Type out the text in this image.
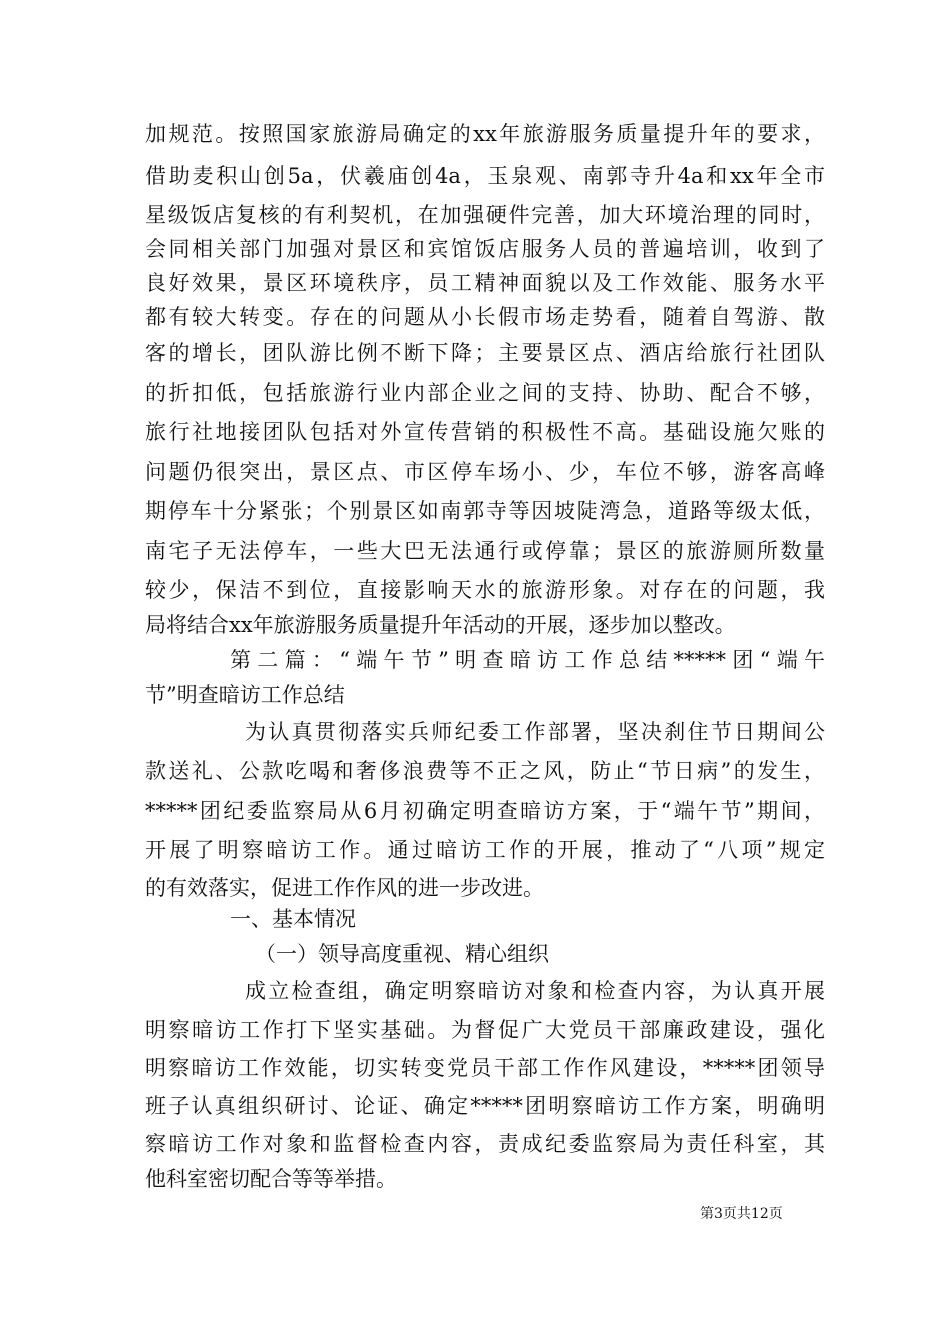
加规范。按照国家旅游局确定的xx年旅游服务质量提升年的要求，
借助麦积山创5a，伏羲庙创4a，玉泉观、南郭寺升4a和xx年全市
星级饭店复核的有利契机，在加强硬件完善，加大环境治理的同时，
会同相关部门加强对景区和宾馆饭店服务人员的普遍培训，收到了
良好效果，景区环境秩序，员工精神面貌以及工作效能、服务水平
都有较大转变。存在的问题从小长假市场走势看，随着自驾游、散
客的增长，团队游比例不断下降；主要景区点、酒店给旅行社团队
的折扣低，包括旅游行业内部企业之间的支持、协助、配合不够，
旅行社地接团队包括对外宣传营销的积极性不高。基础设施欠账的
问题仍很突出，景区点、市区停车场小、少，车位不够，游客高峰
期停车十分紧张；个别景区如南郭寺等因坡陡湾急，道路等级太低，
南宅子无法停车，一些大巴无法通行或停靠；景区的旅游厕所数量
较少，保洁不到位，直接影响天水的旅游形象。对存在的问题，我
局将结合xx年旅游服务质量提升年活动的开展，逐步加以整改。
第二篇：“端午节”明查暗访工作总结*****团“端午
节”明查暗访工作总结
为认真贯彻落实兵师纪委工作部署，坚决刹住节日期间公
款送礼、公款吃喝和奢侈浪费等不正之风，防止“节日病”的发生，
*****团纪委监察局从6月初确定明查暗访方案，于“端午节”期间，
开展了明察暗访工作。通过暗访工作的开展，推动了“八项”规定
的有效落实，促进工作作风的进一步改进。
一、基本情况
（一）领导高度重视、精心组织
成立检查组，确定明察暗访对象和检查内容，为认真开展
明察暗访工作打下坚实基础。为督促广大党员干部廉政建设，强化
明察暗访工作效能，切实转变党员干部工作作风建设，*****团领导
班子认真组织研讨、论证、确定*****团明察暗访工作方案，明确明
察暗访工作对象和监督检查内容，责成纪委监察局为责任科室，其
他科室密切配合等等举措。
第3页共12页
